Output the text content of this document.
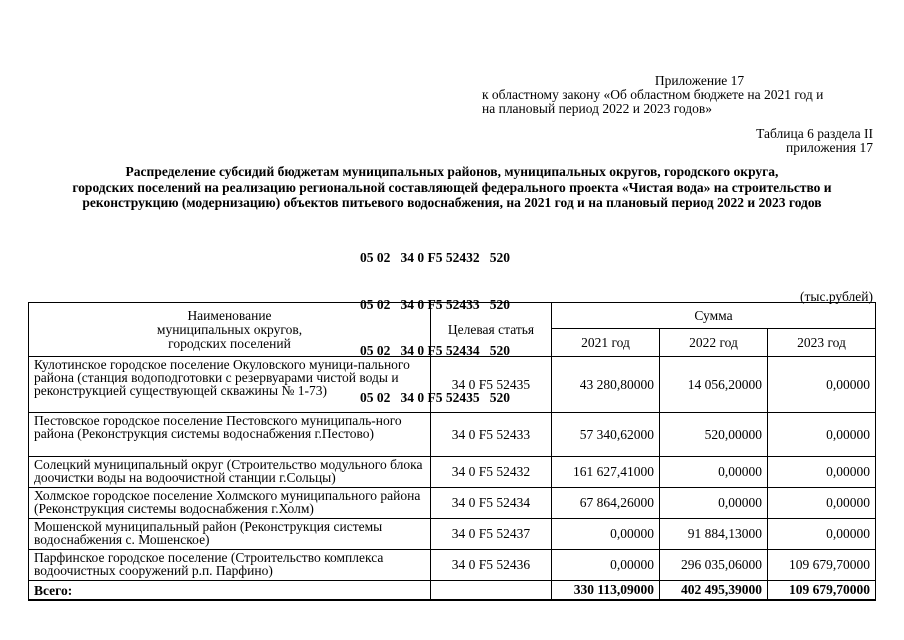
Приложение 17
к областному закону «Об областном бюджете на 2021 год и
на плановый период 2022 и 2023 годов»
Таблица 6 раздела II
приложения 17
Распределение субсидий бюджетам муниципальных районов, муниципальных округов, городского округа,
городских поселений на реализацию региональной составляющей федерального проекта «Чистая вода» на строительство и
реконструкцию (модернизацию) объектов питьевого водоснабжения, на 2021 год и на плановый период 2022 и 2023 годов

05 02   34 0 F5 52432   520

05 02   34 0 F5 52433   520

05 02   34 0 F5 52434   520

05 02   34 0 F5 52435   520

(тыс.рублей)
Наименование
муниципальных округов,
городских поселений	Целевая статья	Сумма		
		2021 год	2022 год	2023 год
Кулотинское городское поселение Окуловского муници-пального района (станция водоподготовки с резервуарами чистой воды и реконструкцией существующей скважины № 1-73)	34 0 F5 52435	43 280,80000	14 056,20000	0,00000
Пестовское городское поселение Пестовского муниципаль-ного района (Реконструкция системы водоснабжения г.Пестово)	34 0 F5 52433	57 340,62000	520,00000	0,00000
Солецкий муниципальный округ (Строительство модульного блока доочистки воды на водоочистной станции г.Сольцы)	34 0 F5 52432	161 627,41000	0,00000	0,00000
Холмское городское поселение Холмского муниципального района (Реконструкция системы водоснабжения г.Холм)	34 0 F5 52434	67 864,26000	0,00000	0,00000
Мошенской муниципальный район (Реконструкция системы водоснабжения с. Мошенское)	34 0 F5 52437	0,00000	91 884,13000	0,00000
Парфинское городское поселение (Строительство комплекса водоочистных сооружений р.п. Парфино)	34 0 F5 52436	0,00000	296 035,06000	109 679,70000
Всего:		330 113,09000	402 495,39000	109 679,70000
